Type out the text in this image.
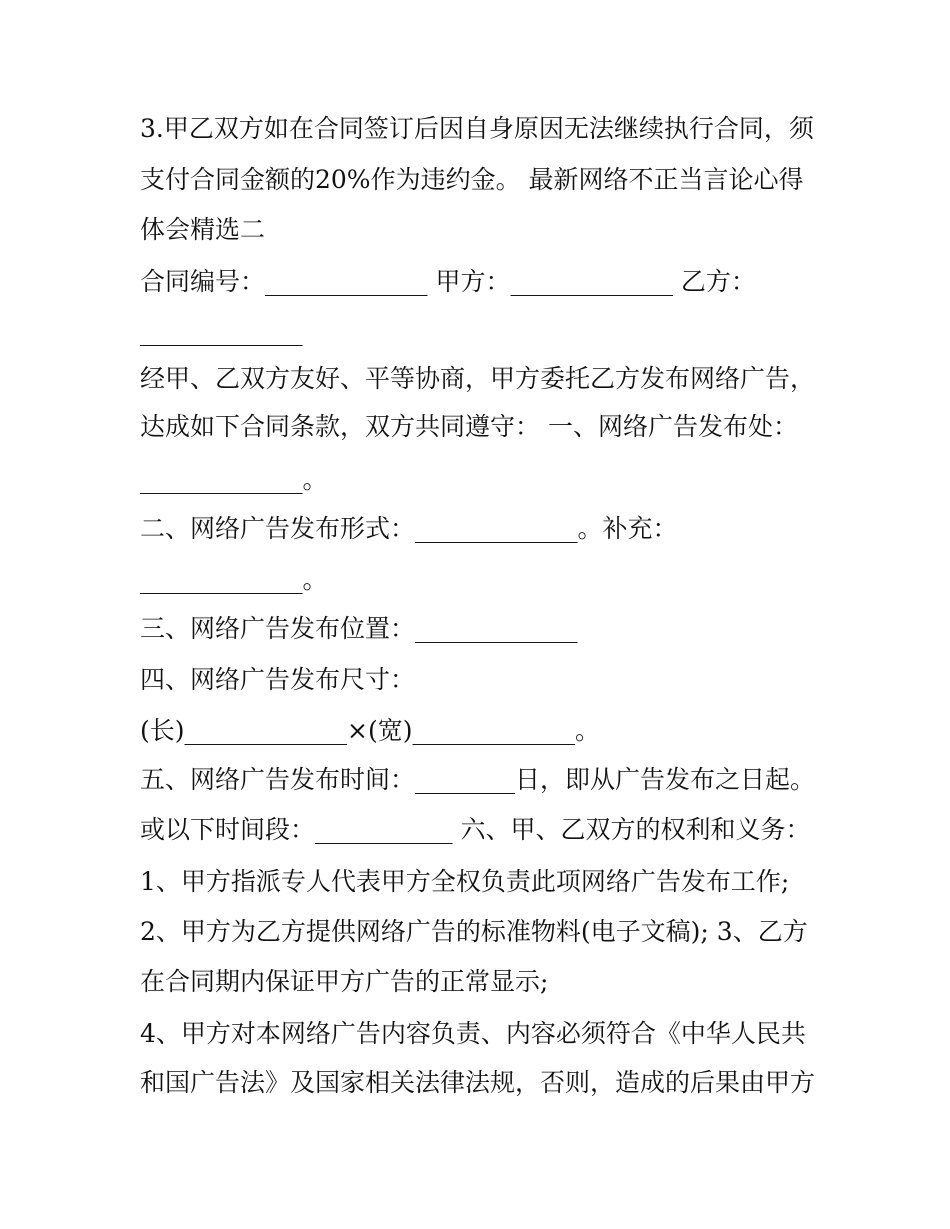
3.甲乙双方如在合同签订后因自身原因无法继续执行合同，须
支付合同金额的20%作为违约金。 最新网络不正当言论心得
体会精选二
合同编号：_____________ 甲方：_____________ 乙方：
_____________
经甲、乙双方友好、平等协商，甲方委托乙方发布网络广告，
达成如下合同条款，双方共同遵守： 一、网络广告发布处：
_____________。
二、网络广告发布形式：_____________。补充：
_____________。
三、网络广告发布位置：_____________
四、网络广告发布尺寸：
(长)_____________×(宽)_____________。
五、网络广告发布时间：________日，即从广告发布之日起。
或以下时间段：___________ 六、甲、乙双方的权利和义务：
1、甲方指派专人代表甲方全权负责此项网络广告发布工作;
2、甲方为乙方提供网络广告的标准物料(电子文稿); 3、乙方
在合同期内保证甲方广告的正常显示;
4、甲方对本网络广告内容负责、内容必须符合《中华人民共
和国广告法》及国家相关法律法规，否则，造成的后果由甲方
